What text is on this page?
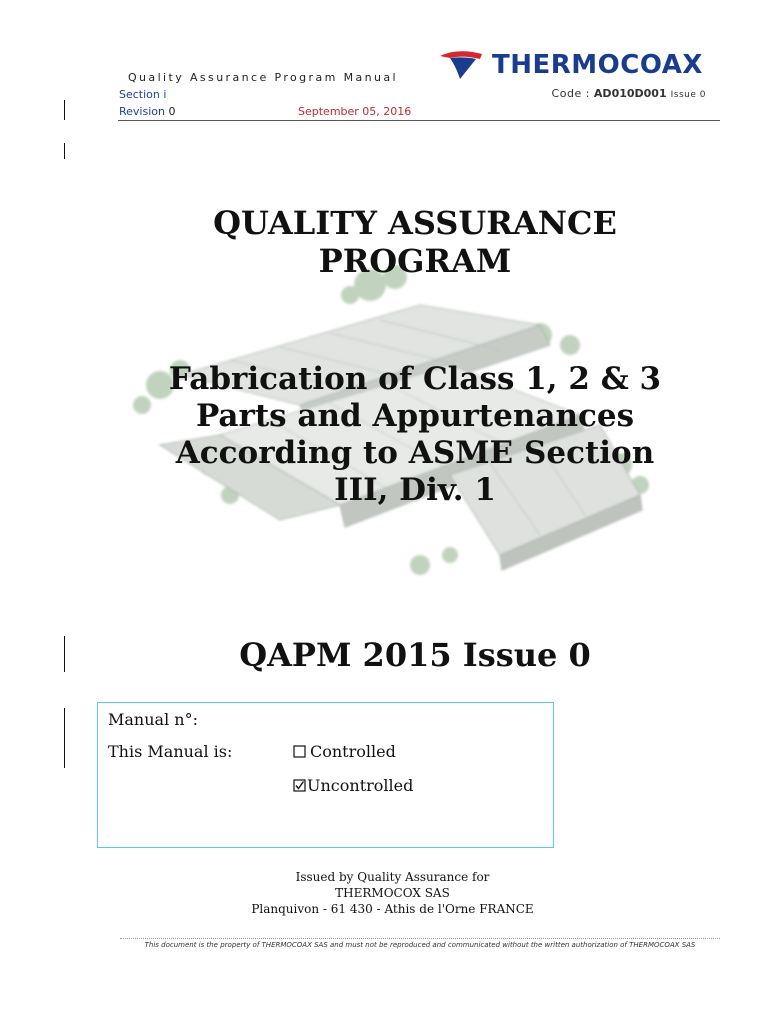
Quality Assurance Program Manual
Section i
Revision 0	September 05, 2016
THERMOCOAX
Code : AD010D001 Issue 0
QUALITY ASSURANCE
PROGRAM
Fabrication of Class 1, 2 & 3
Parts and Appurtenances
According to ASME Section
III, Div. 1
QAPM 2015 Issue 0
Manual n°:
This Manual is:	Controlled
Uncontrolled
Issued by Quality Assurance for
THERMOCOX SAS
Planquivon - 61 430 - Athis de l'Orne FRANCE
This document is the property of THERMOCOAX SAS and must not be reproduced and communicated without the written authorization of THERMOCOAX SAS
